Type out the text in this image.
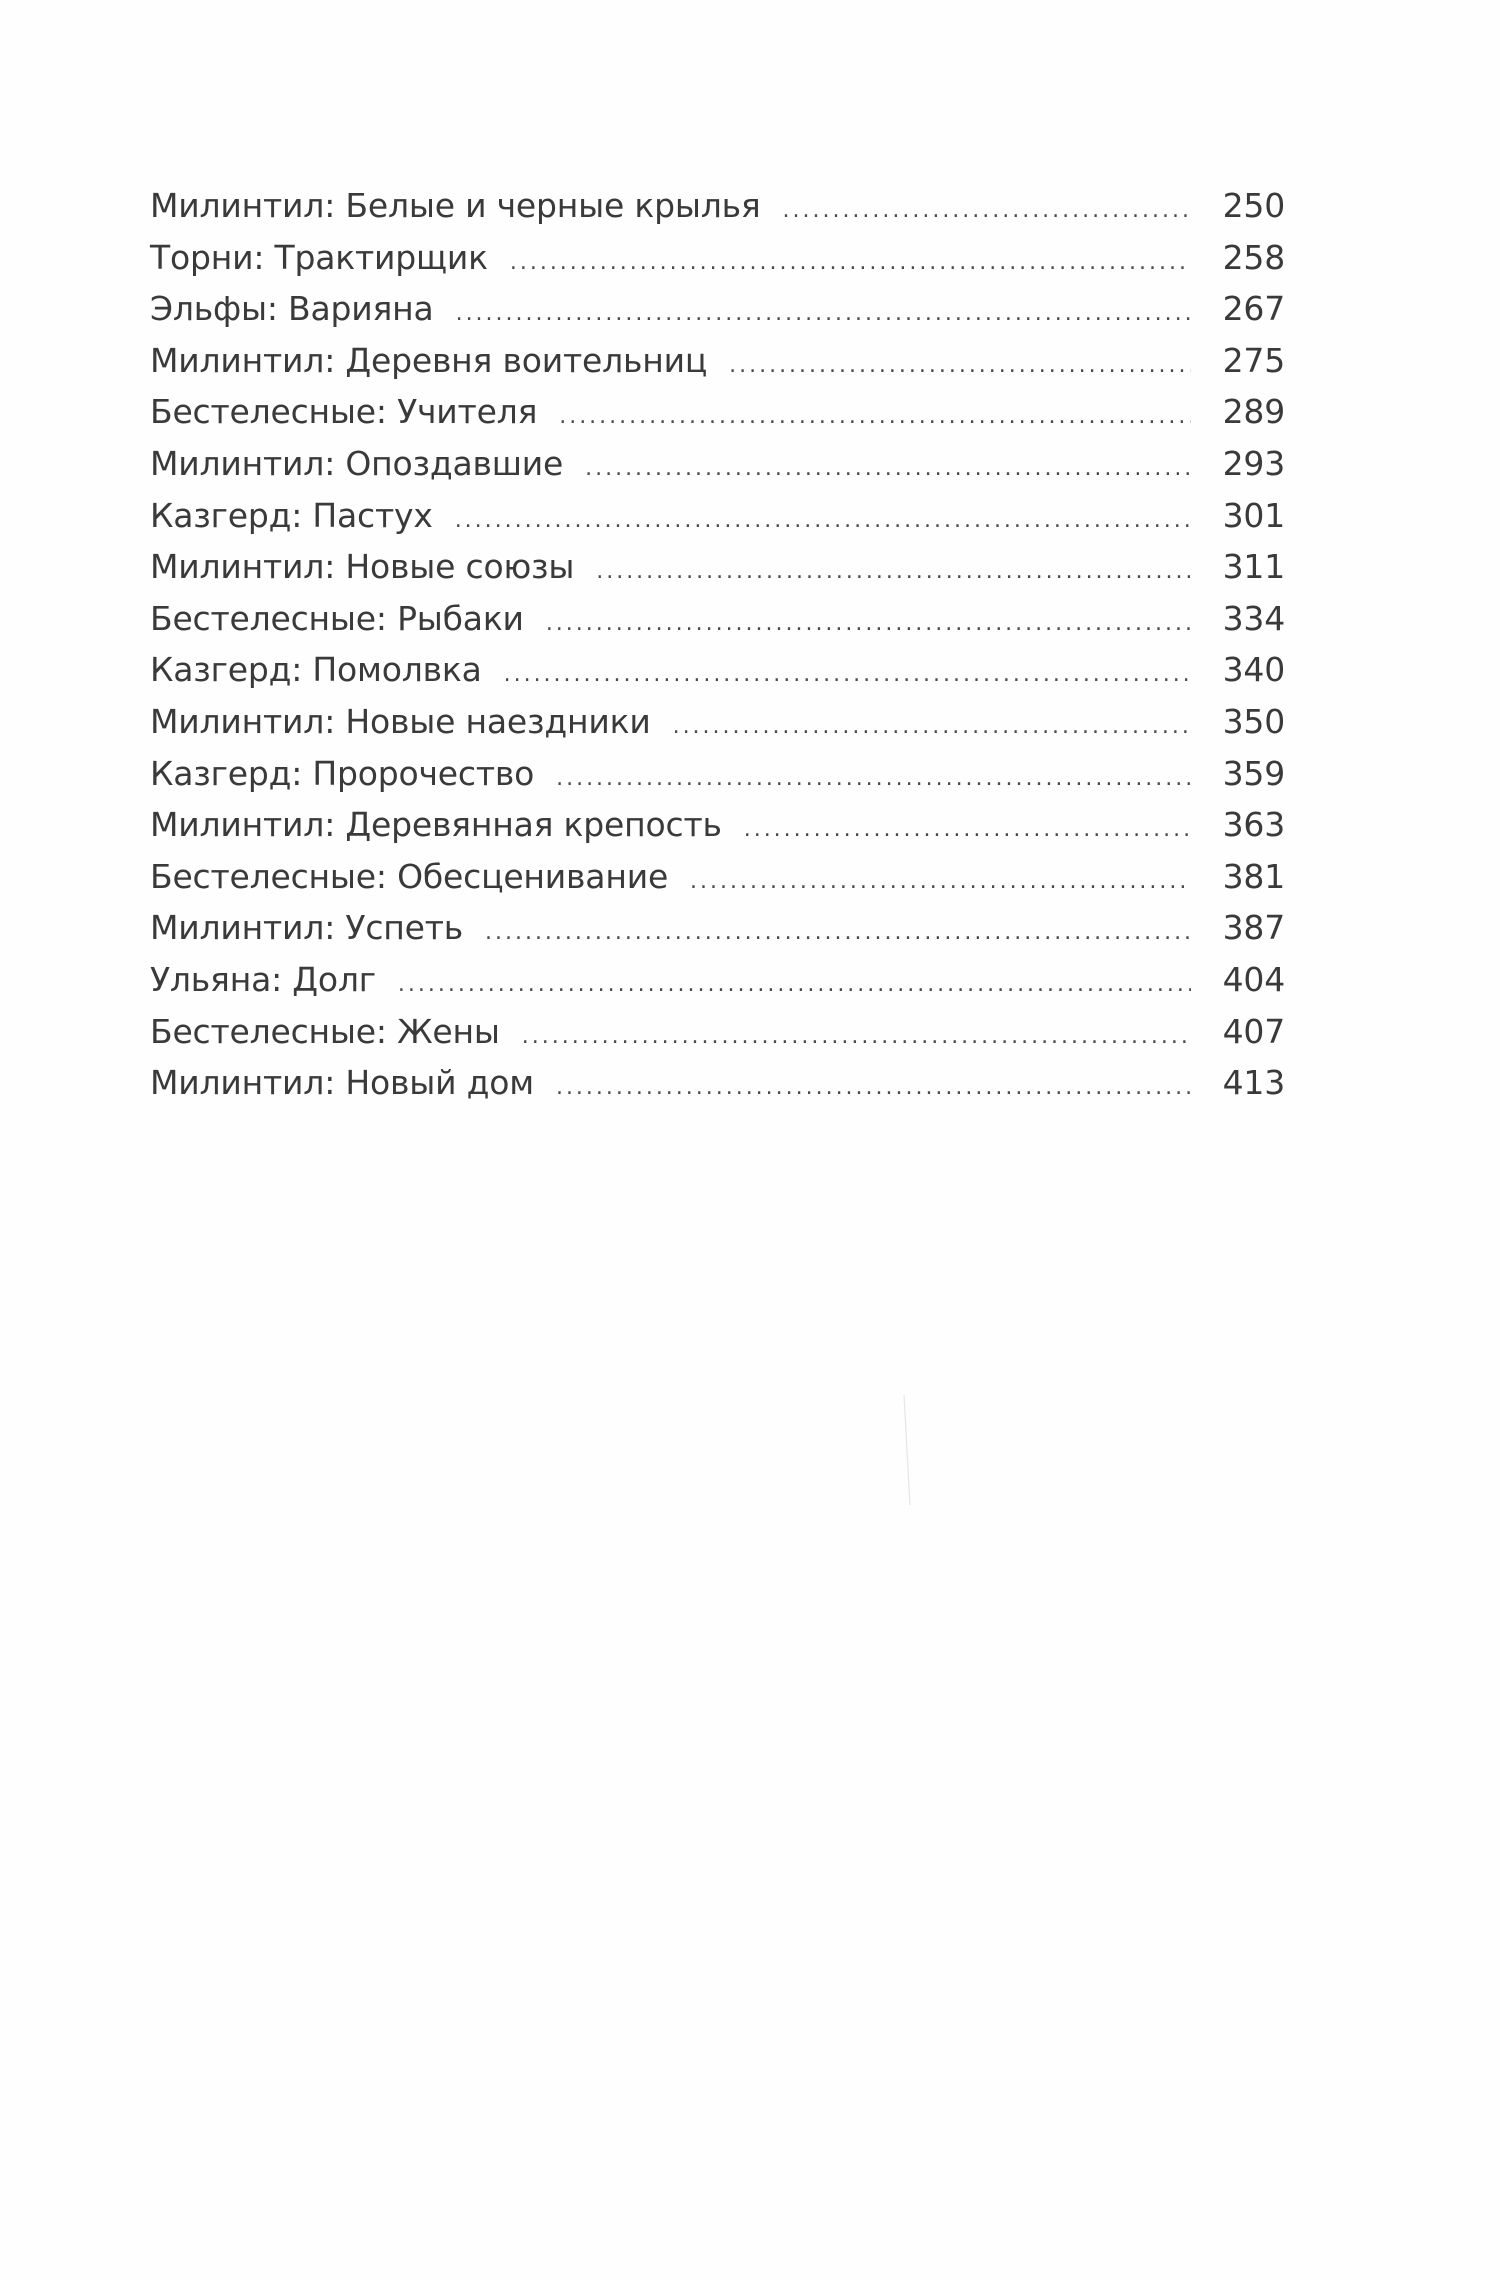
Милинтил: Белые и черные крылья . . .	250
Торни: Трактирщик . . .	258
Эльфы: Варияна . . .	267
Милинтил: Деревня воительниц . . .	275
Бестелесные: Учителя . . .	289
Милинтил: Опоздавшие . . .	293
Казгерд: Пастух . . .	301
Милинтил: Новые союзы . . .	311
Бестелесные: Рыбаки . . .	334
Казгерд: Помолвка . . .	340
Милинтил: Новые наездники . . .	350
Казгерд: Пророчество . . .	359
Милинтил: Деревянная крепость . . .	363
Бестелесные: Обесценивание . . .	381
Милинтил: Успеть . . .	387
Ульяна: Долг . . .	404
Бестелесные: Жены . . .	407
Милинтил: Новый дом . . .	413
